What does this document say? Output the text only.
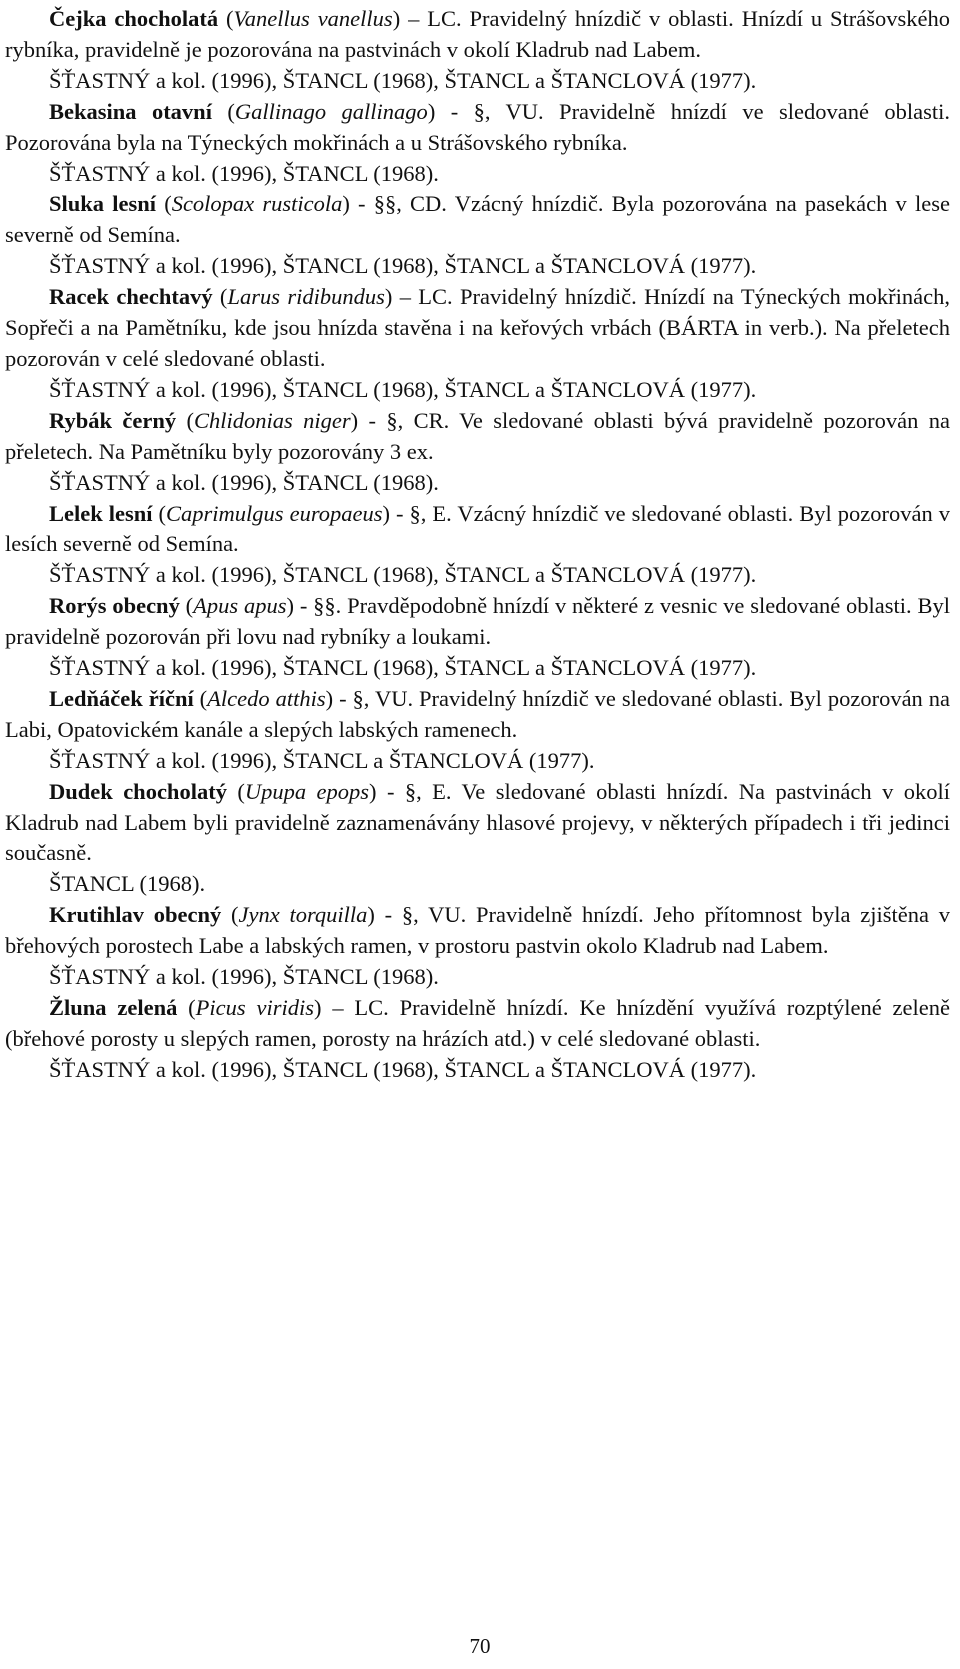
Čejka chocholatá (Vanellus vanellus) – LC. Pravidelný hnízdič v oblasti. Hnízdí u Strášovského rybníka, pravidelně je pozorována na pastvinách v okolí Kladrub nad Labem.

ŠŤASTNÝ a kol. (1996), ŠTANCL (1968), ŠTANCL a ŠTANCLOVÁ (1977).

Bekasina otavní (Gallinago gallinago) - §, VU. Pravidelně hnízdí ve sledované oblasti. Pozorována byla na Týneckých mokřinách a u Strášovského rybníka.

ŠŤASTNÝ a kol. (1996), ŠTANCL (1968).

Sluka lesní (Scolopax rusticola) - §§, CD. Vzácný hnízdič. Byla pozorována na pasekách v lese severně od Semína.

ŠŤASTNÝ a kol. (1996), ŠTANCL (1968), ŠTANCL a ŠTANCLOVÁ (1977).

Racek chechtavý (Larus ridibundus) – LC. Pravidelný hnízdič. Hnízdí na Týneckých mokřinách, Sopřeči a na Pamětníku, kde jsou hnízda stavěna i na keřových vrbách (BÁRTA in verb.). Na přeletech pozorován v celé sledované oblasti.

ŠŤASTNÝ a kol. (1996), ŠTANCL (1968), ŠTANCL a ŠTANCLOVÁ (1977).

Rybák černý (Chlidonias niger) - §, CR. Ve sledované oblasti bývá pravidelně pozorován na přeletech. Na Pamětníku byly pozorovány 3 ex.

ŠŤASTNÝ a kol. (1996), ŠTANCL (1968).

Lelek lesní (Caprimulgus europaeus) - §, E. Vzácný hnízdič ve sledované oblasti. Byl pozorován v lesích severně od Semína.

ŠŤASTNÝ a kol. (1996), ŠTANCL (1968), ŠTANCL a ŠTANCLOVÁ (1977).

Rorýs obecný (Apus apus) - §§. Pravděpodobně hnízdí v některé z vesnic ve sledované oblasti. Byl pravidelně pozorován při lovu nad rybníky a loukami.

ŠŤASTNÝ a kol. (1996), ŠTANCL (1968), ŠTANCL a ŠTANCLOVÁ (1977).

Ledňáček říční (Alcedo atthis) - §, VU. Pravidelný hnízdič ve sledované oblasti. Byl pozorován na Labi, Opatovickém kanále a slepých labských ramenech.

ŠŤASTNÝ a kol. (1996), ŠTANCL a ŠTANCLOVÁ (1977).

Dudek chocholatý (Upupa epops) - §, E. Ve sledované oblasti hnízdí. Na pastvinách v okolí Kladrub nad Labem byli pravidelně zaznamenávány hlasové projevy, v některých případech i tři jedinci současně.

ŠTANCL (1968).

Krutihlav obecný (Jynx torquilla) - §, VU. Pravidelně hnízdí. Jeho přítomnost byla zjištěna v břehových porostech Labe a labských ramen, v prostoru pastvin okolo Kladrub nad Labem.

ŠŤASTNÝ a kol. (1996), ŠTANCL (1968).

Žluna zelená (Picus viridis) – LC. Pravidelně hnízdí. Ke hnízdění využívá rozptýlené zeleně (břehové porosty u slepých ramen, porosty na hrázích atd.) v celé sledované oblasti.

ŠŤASTNÝ a kol. (1996), ŠTANCL (1968), ŠTANCL a ŠTANCLOVÁ (1977).

70
